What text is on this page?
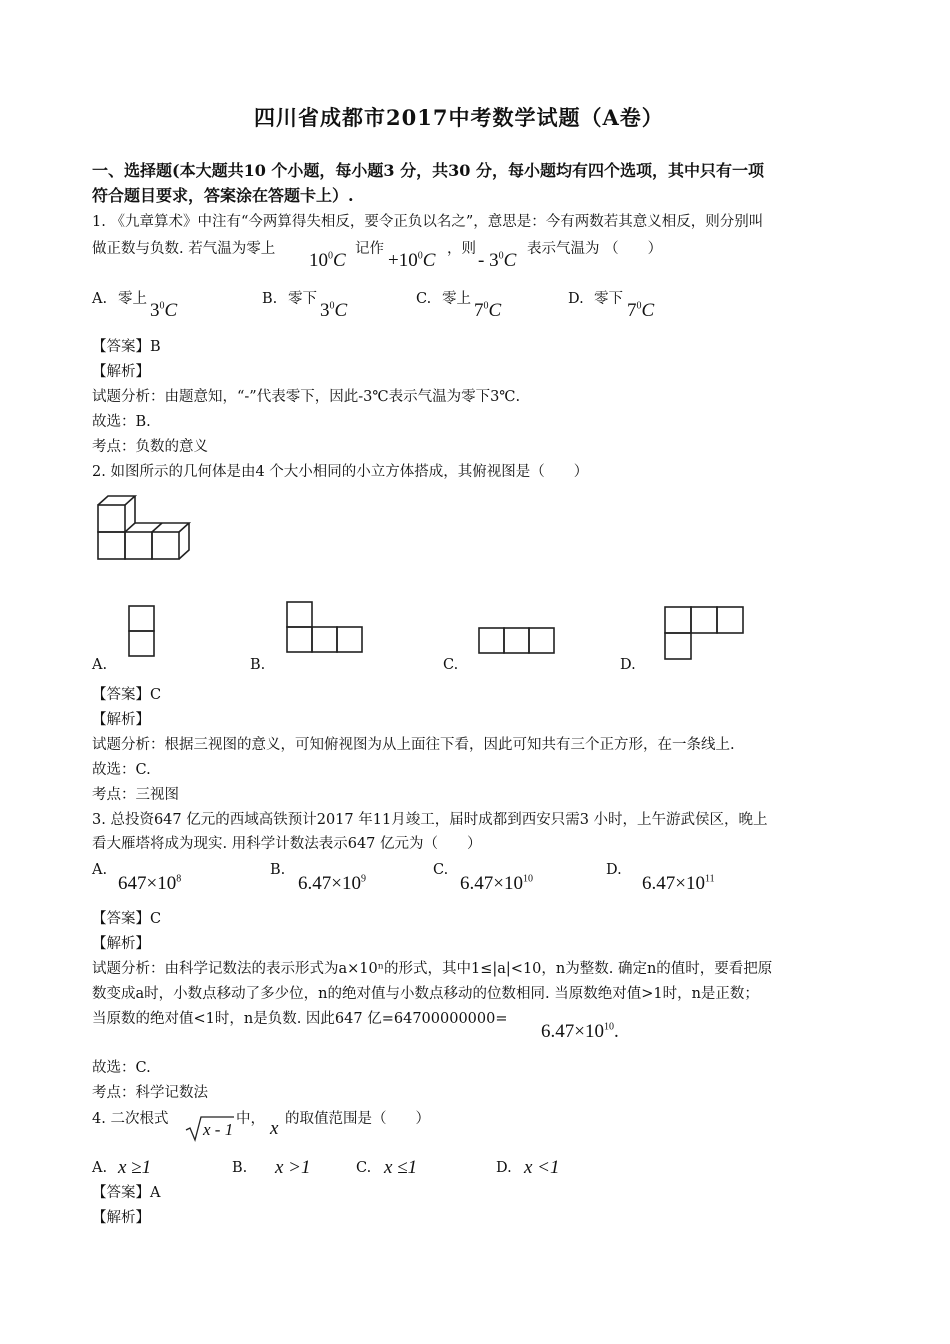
四川省成都市2017中考数学试题（A卷）
一、选择题(本大题共10 个小题，每小题3 分，共30 分，每小题均有四个选项，其中只有一项
符合题目要求，答案涂在答题卡上）.
1. 《九章算术》中注有“今两算得失相反，要令正负以名之”，意思是：今有两数若其意义相反，则分别叫
做正数与负数. 若气温为零上
$10^0C$
记作
$+10^0C$
，则
- $3^0C$
表示气温为 （　　）
A. 零上
$3^0C$
B. 零下
$3^0C$
C. 零上
$7^0C$
D. 零下
$7^0C$
【答案】B
【解析】
试题分析：由题意知，“-”代表零下，因此-3℃表示气温为零下3℃.
故选：B.
考点：负数的意义
2. 如图所示的几何体是由4 个大小相同的小立方体搭成，其俯视图是（　　）
A.	B.	C.	D.
【答案】C
【解析】
试题分析：根据三视图的意义，可知俯视图为从上面往下看，因此可知共有三个正方形，在一条线上.
故选：C.
考点：三视图
3. 总投资647 亿元的西域高铁预计2017 年11月竣工，届时成都到西安只需3 小时，上午游武侯区，晚上
看大雁塔将成为现实. 用科学计数法表示647 亿元为（　　）
A.
$647\times 10^8$
B.
$6.47\times 10^9$
C.
$6.47\times 10^{10}$
D.
$6.47\times 10^{11}$
【答案】C
【解析】
试题分析：由科学记数法的表示形式为a×10ⁿ的形式，其中1≤|a|<10，n为整数. 确定n的值时，要看把原
数变成a时，小数点移动了多少位，n的绝对值与小数点移动的位数相同. 当原数绝对值>1时，n是正数；
当原数的绝对值<1时，n是负数. 因此647 亿=64700000000=
$6.47\times 10^{10}$.
故选：C.
考点：科学记数法
4. 二次根式
x - 1
中， x 的取值范围是（　　）
A. x ≥1	B. x >1	C. x ≤1	D. x <1
【答案】A
【解析】
